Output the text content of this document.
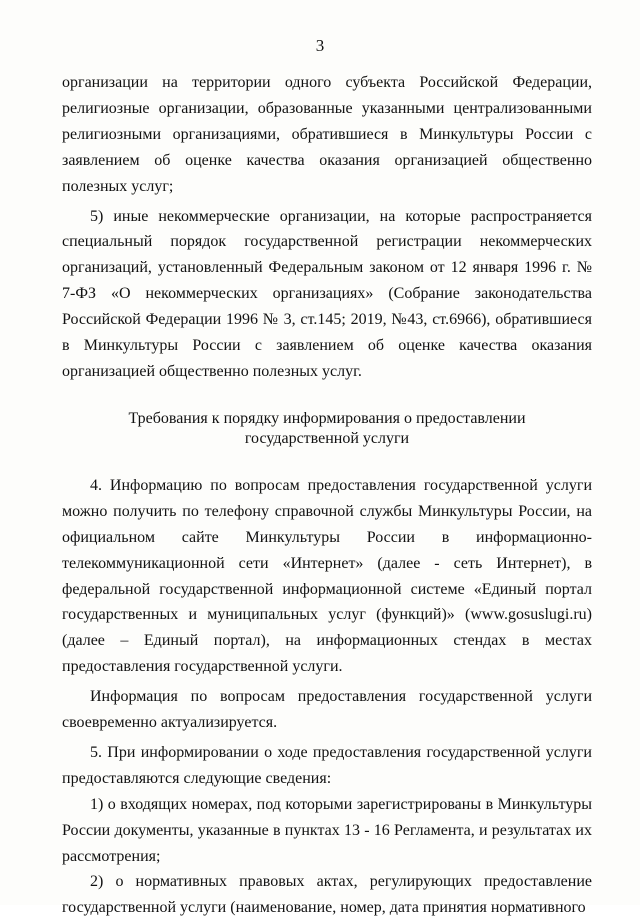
3

организации на территории одного субъекта Российской Федерации, религиозные организации, образованные указанными централизованными религиозными организациями, обратившиеся в Минкультуры России с заявлением об оценке качества оказания организацией общественно полезных услуг;

5) иные некоммерческие организации, на которые распространяется специальный порядок государственной регистрации некоммерческих организаций, установленный Федеральным законом от 12 января 1996 г. № 7-ФЗ «О некоммерческих организациях» (Собрание законодательства Российской Федерации 1996 № 3, ст.145; 2019, №43, ст.6966), обратившиеся в Минкультуры России с заявлением об оценке качества оказания организацией общественно полезных услуг.

Требования к порядку информирования о предоставлении
государственной услуги

4. Информацию по вопросам предоставления государственной услуги можно получить по телефону справочной службы Минкультуры России, на официальном сайте Минкультуры России в информационно-телекоммуникационной сети «Интернет» (далее - сеть Интернет), в федеральной государственной информационной системе «Единый портал государственных и муниципальных услуг (функций)» (www.gosuslugi.ru) (далее – Единый портал), на информационных стендах в местах предоставления государственной услуги.

Информация по вопросам предоставления государственной услуги своевременно актуализируется.

5. При информировании о ходе предоставления государственной услуги предоставляются следующие сведения:

1) о входящих номерах, под которыми зарегистрированы в Минкультуры России документы, указанные в пунктах 13 - 16 Регламента, и результатах их рассмотрения;

2) о нормативных правовых актах, регулирующих предоставление государственной услуги (наименование, номер, дата принятия нормативного
